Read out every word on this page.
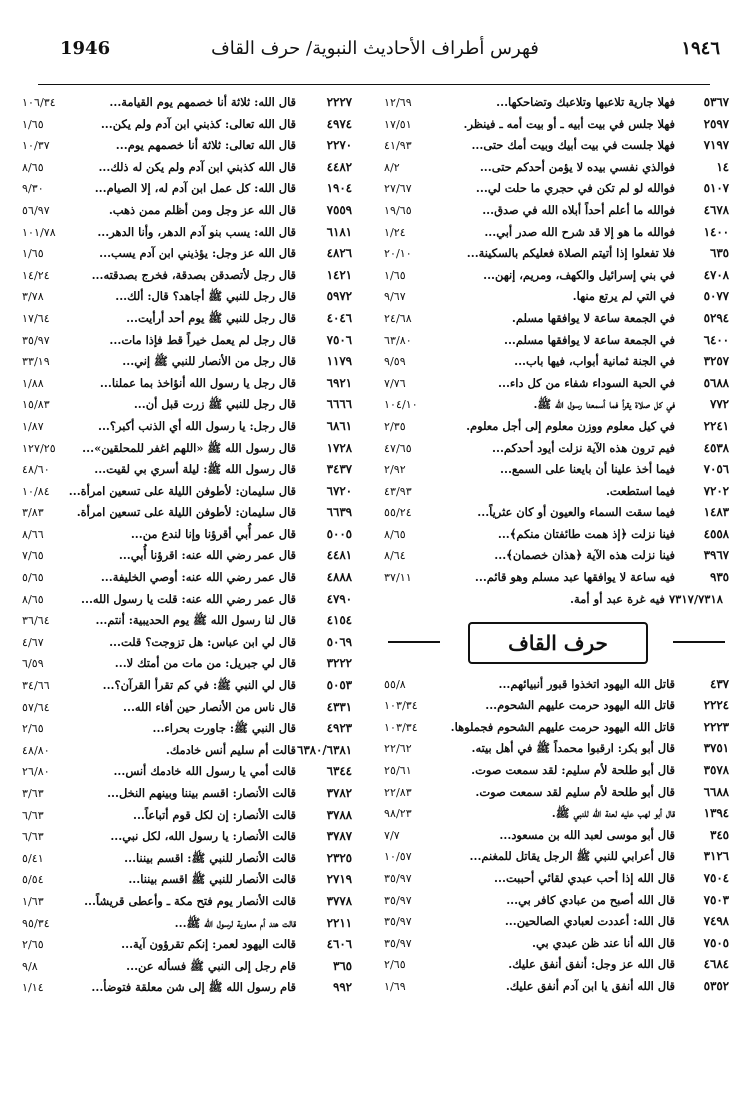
1946	فهرس أطراف الأحاديث النبوية/ حرف القاف	١٩٤٦
٥٣٦٧
فهلا جارية تلاعبها وتلاعبك وتضاحكها...
١٢/٦٩
٢٥٩٧
فهلا جلس في بيت أبيه ـ أو بيت أمه ـ فينظر.
١٧/٥١
٧١٩٧
فهلا جلست في بيت أبيك وبيت أمك حتى...
٤١/٩٣
١٤
فوالذي نفسي بيده لا يؤمن أحدكم حتى...
٨/٢
٥١٠٧
فوالله لو لم تكن في حجري ما حلت لي...
٢٧/٦٧
٤٦٧٨
فوالله ما أعلم أحداً أبلاه الله في صدق...
١٩/٦٥
١٤٠٠
فوالله ما هو إلا قد شرح الله صدر أبي...
١/٢٤
٦٣٥
فلا تفعلوا إذا أتيتم الصلاة فعليكم بالسكينة...
٢٠/١٠
٤٧٠٨
في بني إسرائيل والكهف، ومريم، إنهن...
١/٦٥
٥٠٧٧
في التي لم يرتع منها.
٩/٦٧
٥٢٩٤
في الجمعة ساعة لا يوافقها مسلم.
٢٤/٦٨
٦٤٠٠
في الجمعة ساعة لا يوافقها مسلم...
٦٣/٨٠
٣٢٥٧
في الجنة ثمانية أبواب، فيها باب...
٩/٥٩
٥٦٨٨
في الحبة السوداء شفاء من كل داء...
٧/٧٦
٧٧٢
في كل صلاة يقرأ فما أسمعنا رسول الله ﷺ.
١٠٤/١٠
٢٢٤١
في كيل معلوم ووزن معلوم إلى أجل معلوم.
٢/٣٥
٤٥٣٨
فيم ترون هذه الآية نزلت أيود أحدكم...
٤٧/٦٥
٧٠٥٦
فيما أخذ علينا أن بايعنا على السمع...
٢/٩٢
٧٢٠٢
فيما استطعت.
٤٣/٩٣
١٤٨٣
فيما سقت السماء والعيون أو كان عثرياً...
٥٥/٢٤
٤٥٥٨
فينا نزلت ﴿إذ همت طائفتان منكم﴾...
٨/٦٥
٣٩٦٧
فينا نزلت هذه الآية ﴿هذان خصمان﴾...
٨/٦٤
٩٣٥
فيه ساعة لا يوافقها عبد مسلم وهو قائم...
٣٧/١١
٧٣١٧/٧٣١٨ فيه غرة عبد أو أمة.
حرف القاف
٤٣٧
قاتل الله اليهود اتخذوا قبور أنبيائهم...
٥٥/٨
٢٢٢٤
قاتل الله اليهود حرمت عليهم الشحوم...
١٠٣/٣٤
٢٢٢٣
قاتل الله اليهود حرمت عليهم الشحوم فجملوها.
١٠٣/٣٤
٣٧٥١
قال أبو بكر: ارقبوا محمداً ﷺ في أهل بيته.
٢٢/٦٢
٣٥٧٨
قال أبو طلحة لأم سليم: لقد سمعت صوت.
٢٥/٦١
٦٦٨٨
قال أبو طلحة لأم سليم لقد سمعت صوت.
٢٢/٨٣
١٣٩٤
قال أبو لهب عليه لعنة الله للنبي ﷺ.
٩٨/٢٣
٣٤٥
قال أبو موسى لعبد الله بن مسعود...
٧/٧
٣١٢٦
قال أعرابي للنبي ﷺ الرجل يقاتل للمغنم...
١٠/٥٧
٧٥٠٤
قال الله إذا أحب عبدي لقائي أحببت...
٣٥/٩٧
٧٥٠٣
قال الله أصبح من عبادي كافر بي...
٣٥/٩٧
٧٤٩٨
قال الله: أعددت لعبادي الصالحين...
٣٥/٩٧
٧٥٠٥
قال الله أنا عند ظن عبدي بي.
٣٥/٩٧
٤٦٨٤
قال الله عز وجل: أنفق أنفق عليك.
٢/٦٥
٥٣٥٢
قال الله أنفق يا ابن آدم أنفق عليك.
١/٦٩
٢٢٢٧
قال الله: ثلاثة أنا خصمهم يوم القيامة...
١٠٦/٣٤
٤٩٧٤
قال الله تعالى: كذبني ابن آدم ولم يكن...
١/٦٥
٢٢٧٠
قال الله تعالى: ثلاثة أنا خصمهم يوم...
١٠/٣٧
٤٤٨٢
قال الله كذبني ابن آدم ولم يكن له ذلك...
٨/٦٥
١٩٠٤
قال الله: كل عمل ابن آدم له، إلا الصيام...
٩/٣٠
٧٥٥٩
قال الله عز وجل ومن أظلم ممن ذهب.
٥٦/٩٧
٦١٨١
قال الله: يسب بنو آدم الدهر، وأنا الدهر...
١٠١/٧٨
٤٨٢٦
قال الله عز وجل: يؤذيني ابن آدم يسب...
١/٦٥
١٤٢١
قال رجل لأتصدقن بصدقة، فخرج بصدقته...
١٤/٢٤
٥٩٧٢
قال رجل للنبي ﷺ أجاهد؟ قال: ألك...
٣/٧٨
٤٠٤٦
قال رجل للنبي ﷺ يوم أحد أرأيت...
١٧/٦٤
٧٥٠٦
قال رجل لم يعمل خيراً قط فإذا مات...
٣٥/٩٧
١١٧٩
قال رجل من الأنصار للنبي ﷺ إني...
٣٣/١٩
٦٩٢١
قال رجل يا رسول الله أنؤاخذ بما عملنا...
١/٨٨
٦٦٦٦
قال رجل للنبي ﷺ زرت قبل أن...
١٥/٨٣
٦٨٦١
قال رجل: يا رسول الله أي الذنب أكبر؟...
١/٨٧
١٧٢٨
قال رسول الله ﷺ «اللهم اغفر للمحلقين»...
١٢٧/٢٥
٣٤٣٧
قال رسول الله ﷺ: ليلة أسري بي لقيت...
٤٨/٦٠
٦٧٢٠
قال سليمان: لأطوفن الليلة على تسعين امرأة...
١٠/٨٤
٦٦٣٩
قال سليمان: لأطوفن الليلة على تسعين امرأة.
٣/٨٣
٥٠٠٥
قال عمر أُبي أقرؤنا وإنا لندع من...
٨/٦٦
٤٤٨١
قال عمر رضي الله عنه: اقرؤنا أُبي...
٧/٦٥
٤٨٨٨
قال عمر رضي الله عنه: أوصي الخليفة...
٥/٦٥
٤٧٩٠
قال عمر رضي الله عنه: قلت يا رسول الله...
٨/٦٥
٤١٥٤
قال لنا رسول الله ﷺ يوم الحديبية: أنتم...
٣٦/٦٤
٥٠٦٩
قال لي ابن عباس: هل تزوجت؟ قلت...
٤/٦٧
٣٢٢٢
قال لي جبريل: من مات من أمتك لا...
٦/٥٩
٥٠٥٣
قال لي النبي ﷺ: في كم تقرأ القرآن؟...
٣٤/٦٦
٤٣٣١
قال ناس من الأنصار حين أفاء الله...
٥٧/٦٤
٤٩٢٣
قال النبي ﷺ: جاورت بحراء...
٢/٦٥
٦٣٨٠/٦٣٨١
قالت أم سليم أنس خادمك.
٤٨/٨٠
٦٣٤٤
قالت أمي يا رسول الله خادمك أنس...
٢٦/٨٠
٣٧٨٢
قالت الأنصار: اقسم بيننا وبينهم النخل...
٣/٦٣
٣٧٨٨
قالت الأنصار: إن لكل قوم أتباعاً...
٦/٦٣
٣٧٨٧
قالت الأنصار: يا رسول الله، لكل نبي...
٦/٦٣
٢٣٢٥
قالت الأنصار للنبي ﷺ: اقسم بيننا...
٥/٤١
٢٧١٩
قالت الأنصار للنبي ﷺ اقسم بيننا...
٥/٥٤
٣٧٧٨
قالت الأنصار يوم فتح مكة ـ وأعطى قريشاً...
١/٦٣
٢٢١١
قالت هند أم معاوية لرسول الله ﷺ...
٩٥/٣٤
٤٦٠٦
قالت اليهود لعمر: إنكم تقرؤون آية...
٢/٦٥
٣٦٥
قام رجل إلى النبي ﷺ فسأله عن...
٩/٨
٩٩٢
قام رسول الله ﷺ إلى شن معلقة فتوضأ...
١/١٤
